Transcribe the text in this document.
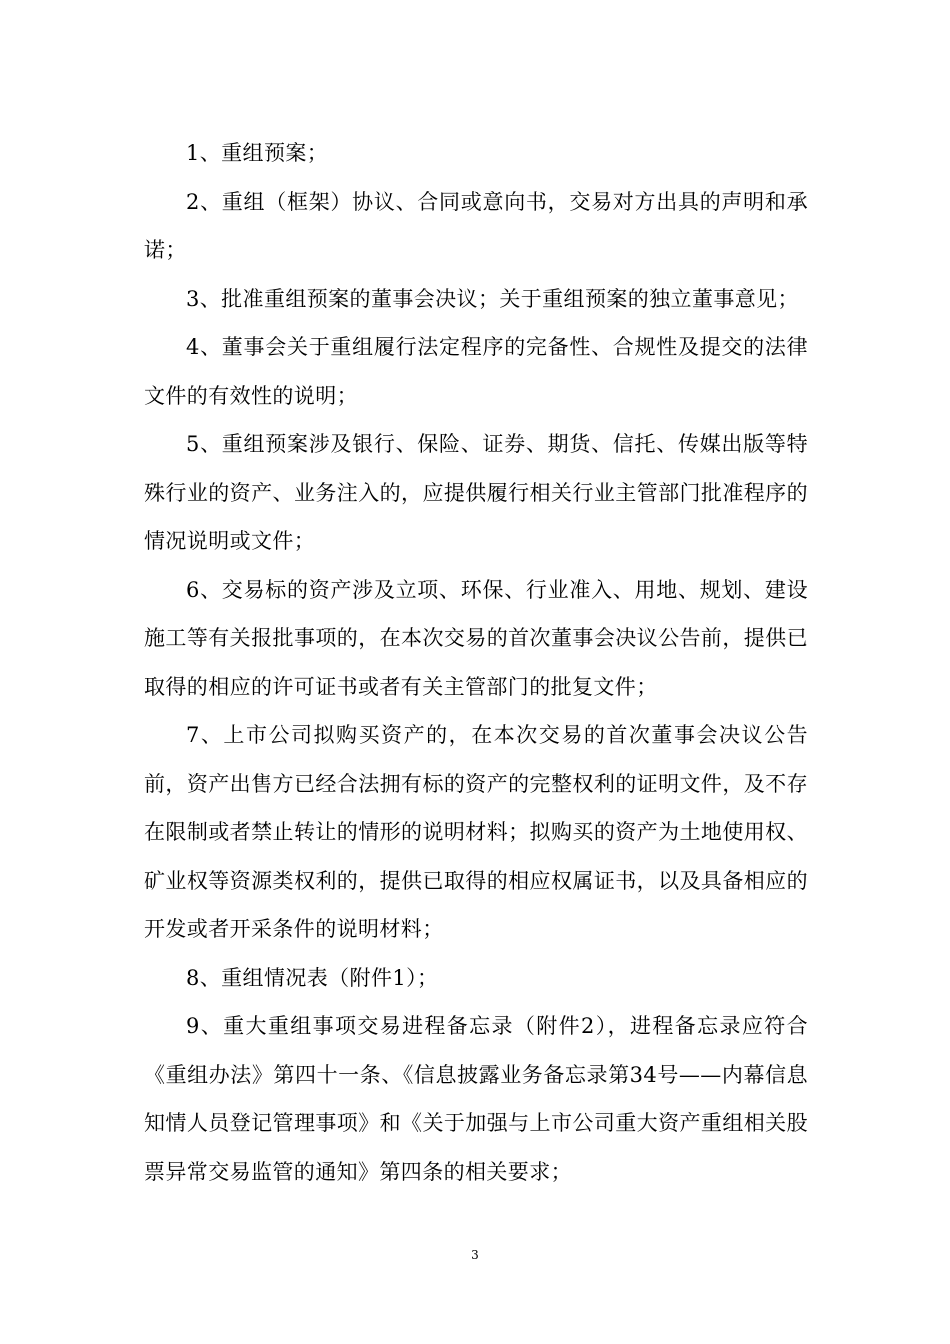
1、重组预案；

2、重组（框架）协议、合同或意向书，交易对方出具的声明和承诺；

3、批准重组预案的董事会决议；关于重组预案的独立董事意见；

4、董事会关于重组履行法定程序的完备性、合规性及提交的法律文件的有效性的说明；

5、重组预案涉及银行、保险、证券、期货、信托、传媒出版等特殊行业的资产、业务注入的，应提供履行相关行业主管部门批准程序的情况说明或文件；

6、交易标的资产涉及立项、环保、行业准入、用地、规划、建设施工等有关报批事项的，在本次交易的首次董事会决议公告前，提供已取得的相应的许可证书或者有关主管部门的批复文件；

7、上市公司拟购买资产的，在本次交易的首次董事会决议公告前，资产出售方已经合法拥有标的资产的完整权利的证明文件，及不存在限制或者禁止转让的情形的说明材料；拟购买的资产为土地使用权、矿业权等资源类权利的，提供已取得的相应权属证书，以及具备相应的开发或者开采条件的说明材料；

8、重组情况表（附件1）；

9、重大重组事项交易进程备忘录（附件2），进程备忘录应符合《重组办法》第四十一条、《信息披露业务备忘录第34号——内幕信息知情人员登记管理事项》和《关于加强与上市公司重大资产重组相关股票异常交易监管的通知》第四条的相关要求；

3
